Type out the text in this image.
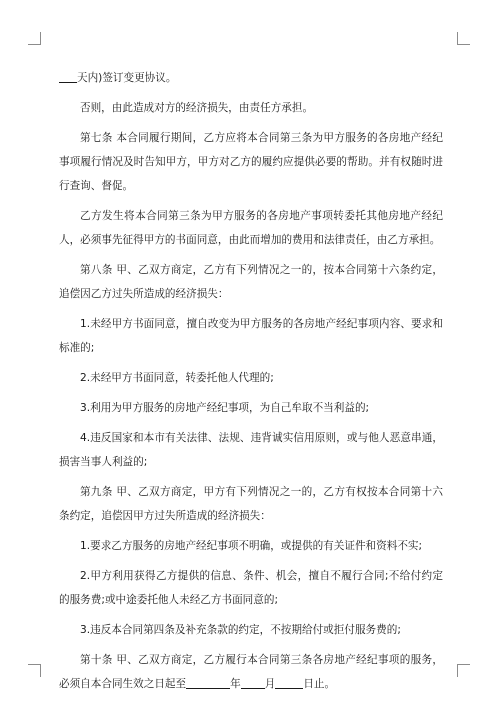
天内)签订变更协议。

否则，由此造成对方的经济损失，由责任方承担。

第七条 本合同履行期间，乙方应将本合同第三条为甲方服务的各房地产经纪事项履行情况及时告知甲方，甲方对乙方的履约应提供必要的帮助。并有权随时进行查询、督促。

乙方发生将本合同第三条为甲方服务的各房地产事项转委托其他房地产经纪人，必须事先征得甲方的书面同意，由此而增加的费用和法律责任，由乙方承担。

第八条 甲、乙双方商定，乙方有下列情况之一的，按本合同第十六条约定，追偿因乙方过失所造成的经济损失：

1.未经甲方书面同意，擅自改变为甲方服务的各房地产经纪事项内容、要求和标准的;

2.未经甲方书面同意，转委托他人代理的;

3.利用为甲方服务的房地产经纪事项，为自己牟取不当利益的;

4.违反国家和本市有关法律、法规、违背诚实信用原则，或与他人恶意串通，损害当事人利益的;

第九条 甲、乙双方商定，甲方有下列情况之一的，乙方有权按本合同第十六条约定，追偿因甲方过失所造成的经济损失：

1.要求乙方服务的房地产经纪事项不明确，或提供的有关证件和资料不实;

2.甲方利用获得乙方提供的信息、条件、机会，擅自不履行合同;不给付约定的服务费;或中途委托他人未经乙方书面同意的;

3.违反本合同第四条及补充条款的约定，不按期给付或拒付服务费的;

第十条 甲、乙双方商定，乙方履行本合同第三条各房地产经纪事项的服务，必须自本合同生效之日起至	年 月	日止。
